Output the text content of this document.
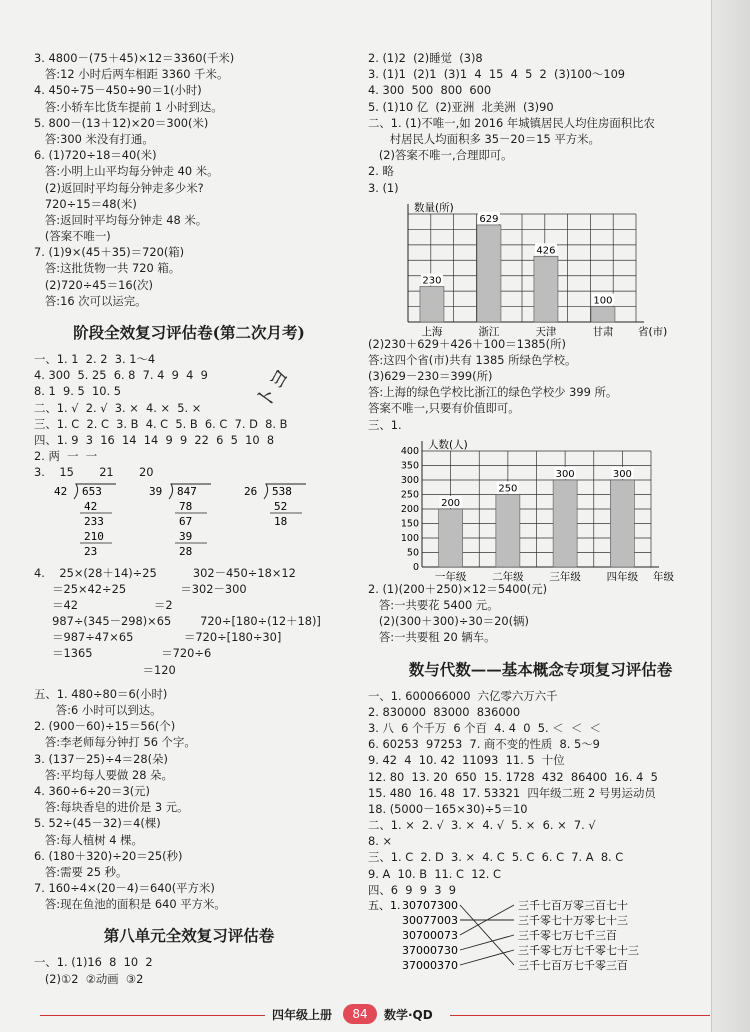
3. 4800－(75＋45)×12＝3360(千米)
答:12 小时后两车相距 3360 千米。
4. 450÷75－450÷90＝1(小时)
答:小轿车比货车提前 1 小时到达。
5. 800－(13＋12)×20＝300(米)
答:300 米没有打通。
6. (1)720÷18＝40(米)
答:小明上山平均每分钟走 40 米。
(2)返回时平均每分钟走多少米?
720÷15＝48(米)
答:返回时平均每分钟走 48 米。
(答案不唯一)
7. (1)9×(45＋35)＝720(箱)
答:这批货物一共 720 箱。
(2)720÷45＝16(次)
答:16 次可以运完。
阶段全效复习评估卷(第二次月考)
一、1. 1  2. 2  3. 1～4
4. 300  5. 25  6. 8  7. 4  9  4  9
8. 1  9. 5  10. 5
二、1. √  2. √  3. ×  4. ×  5. ×
三、1. C  2. C  3. B  4. C  5. B  6. C  7. D  8. B
四、1. 9  3  16  14  14  9  9  22  6  5  10  8
2. 两  一  一
3.    15       21       20
42 653
42
233
210
23
39 847
78
67
39
28
26 538
52
18
4.    25×(28＋14)÷25          302－450÷18×12
＝25×42÷25               ＝302－300
＝42                     ＝2
987÷(345－298)×65        720÷[180÷(12＋18)]
＝987÷47×65              ＝720÷[180÷30]
＝1365                   ＝720÷6
＝120
五、1. 480÷80＝6(小时)
答:6 小时可以到达。
2. (900－60)÷15＝56(个)
答:李老师每分钟打 56 个字。
3. (137－25)÷4＝28(朵)
答:平均每人要做 28 朵。
4. 360÷6÷20＝3(元)
答:每块香皂的进价是 3 元。
5. 52÷(45－32)＝4(棵)
答:每人植树 4 棵。
6. (180＋320)÷20＝25(秒)
答:需要 25 秒。
7. 160÷4×(20－4)＝640(平方米)
答:现在鱼池的面积是 640 平方米。
第八单元全效复习评估卷
一、1. (1)16  8  10  2
(2)①2  ②动画  ③2
2. (1)2  (2)睡觉  (3)8
3. (1)1  (2)1  (3)1  4  15  4  5  2  (3)100～109
4. 300  500  800  600
5. (1)10 亿  (2)亚洲  北美洲  (3)90
二、1. (1)不唯一,如 2016 年城镇居民人均住房面积比农
村居民人均面积多 35－20＝15 平方米。
(2)答案不唯一,合理即可。
2. 略
3. (1)
数量(所)
省(市)
230
上海
629
浙江
426
天津
100
甘肃
(2)230＋629＋426＋100＝1385(所)
答:这四个省(市)共有 1385 所绿色学校。
(3)629－230＝399(所)
答:上海的绿色学校比浙江的绿色学校少 399 所。
答案不唯一,只要有价值即可。
三、1.
人数(人)
年级
0
50
100
150
200
250
300
350
400
200
一年级
250
二年级
300
三年级
300
四年级
2. (1)(200＋250)×12＝5400(元)
答:一共要花 5400 元。
(2)(300＋300)÷30＝20(辆)
答:一共要租 20 辆车。
数与代数——基本概念专项复习评估卷
一、1. 600066000  六亿零六万六千
2. 830000  83000  836000
3. 八  6 个千万  6 个百  4. 4  0  5. ＜  ＜  ＜
6. 60253  97253  7. 商不变的性质  8. 5～9
9. 42  4  10. 42  11093  11. 5  十位
12. 80  13. 20  650  15. 1728  432  86400  16. 4  5
15. 480  16. 48  17. 53321  四年级二班 2 号男运动员
18. (5000－165×30)÷5＝10
二、1. ×  2. √  3. ×  4. √  5. ×  6. ×  7. √
8. ×
三、1. C  2. D  3. ×  4. C  5. C  6. C  7. A  8. C
9. A  10. B  11. C  12. C
四、6  9  9  3  9
五、1. 30707300
30077003
30700073
37000730
37000370
三千七百万零三百七十
三千零七十万零七十三
三千零七万七千三百
三千零七万七千零七十三
三千七百万七千零三百
トヨ
四年级上册	84	数学·QD
